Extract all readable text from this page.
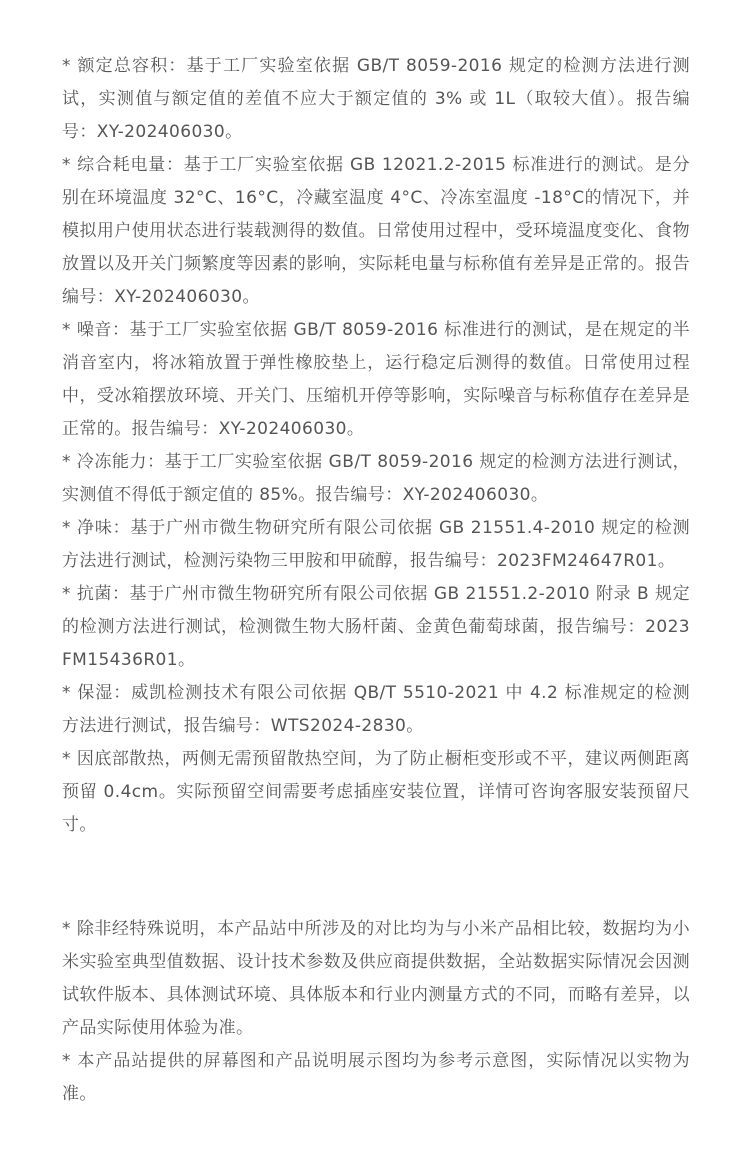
* 额定总容积：基于工厂实验室依据 GB/T 8059-2016 规定的检测方法进行测试，实测值与额定值的差值不应大于额定值的 3% 或 1L（取较大值）。报告编号：XY-202406030。
* 综合耗电量：基于工厂实验室依据 GB 12021.2-2015 标准进行的测试。是分别在环境温度 32°C、16°C，冷藏室温度 4°C、冷冻室温度 -18°C的情况下，并模拟用户使用状态进行装载测得的数值。日常使用过程中，受环境温度变化、食物放置以及开关门频繁度等因素的影响，实际耗电量与标称值有差异是正常的。报告编号：XY-202406030。
* 噪音：基于工厂实验室依据 GB/T 8059-2016 标准进行的测试，是在规定的半消音室内，将冰箱放置于弹性橡胶垫上，运行稳定后测得的数值。日常使用过程中，受冰箱摆放环境、开关门、压缩机开停等影响，实际噪音与标称值存在差异是正常的。报告编号：XY-202406030。
* 冷冻能力：基于工厂实验室依据 GB/T 8059-2016 规定的检测方法进行测试，实测值不得低于额定值的 85%。报告编号：XY-202406030。
* 净味：基于广州市微生物研究所有限公司依据 GB 21551.4-2010 规定的检测方法进行测试，检测污染物三甲胺和甲硫醇，报告编号：2023FM24647R01。
* 抗菌：基于广州市微生物研究所有限公司依据 GB 21551.2-2010 附录 B 规定的检测方法进行测试，检测微生物大肠杆菌、金黄色葡萄球菌，报告编号：2023FM15436R01。
* 保湿：威凯检测技术有限公司依据 QB/T 5510-2021 中 4.2 标准规定的检测方法进行测试，报告编号：WTS2024-2830。
* 因底部散热，两侧无需预留散热空间，为了防止橱柜变形或不平，建议两侧距离预留 0.4cm。实际预留空间需要考虑插座安装位置，详情可咨询客服安装预留尺寸。
* 除非经特殊说明，本产品站中所涉及的对比均为与小米产品相比较，数据均为小米实验室典型值数据、设计技术参数及供应商提供数据，全站数据实际情况会因测试软件版本、具体测试环境、具体版本和行业内测量方式的不同，而略有差异，以产品实际使用体验为准。
* 本产品站提供的屏幕图和产品说明展示图均为参考示意图，实际情况以实物为准。
